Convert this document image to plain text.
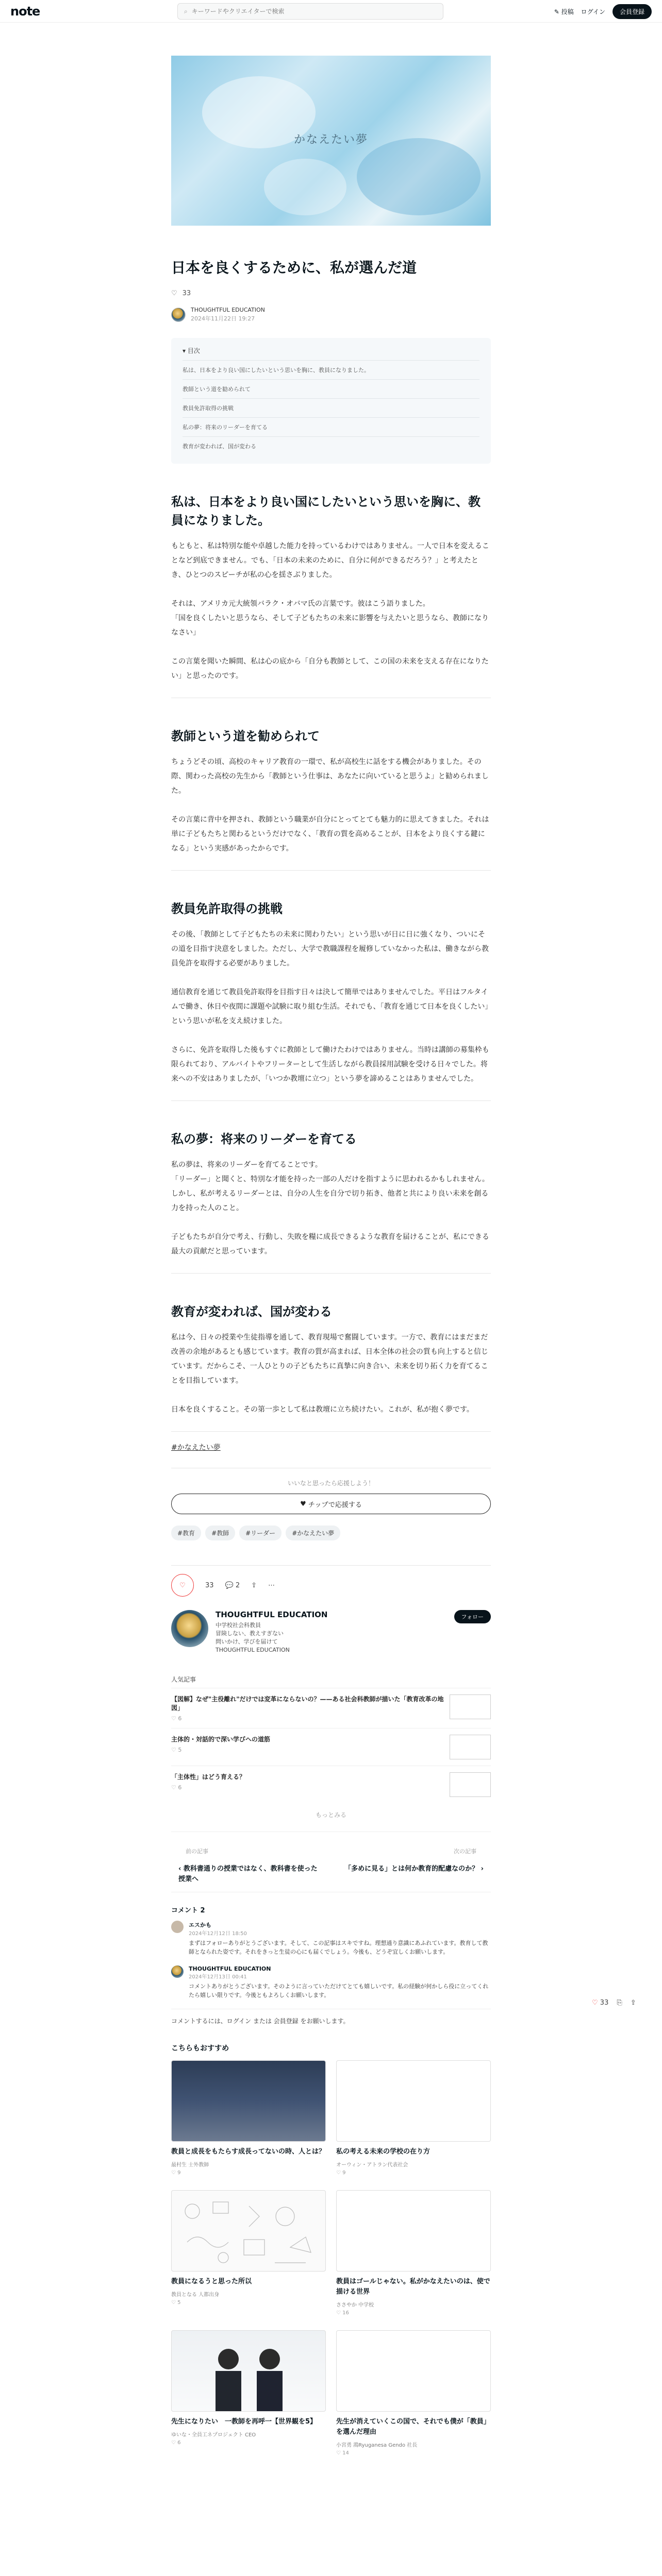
note	⌕
キーワードやクリエイターで検索	✎ 投稿 ログイン	会員登録
かなえたい夢
日本を良くするために、私が選んだ道
♡ 33
THOUGHTFUL EDUCATION
2024年11月22日 19:27
▾ 目次
私は、日本をより良い国にしたいという思いを胸に、教員になりました。
教師という道を勧められて
教員免許取得の挑戦
私の夢：将来のリーダーを育てる
教育が変われば、国が変わる
私は、日本をより良い国にしたいという思いを胸に、教員になりました。

もともと、私は特別な能や卓越した能力を持っているわけではありません。一人で日本を変えることなど到底できません。でも、「日本の未来のために、自分に何ができるだろう？」と考えたとき、ひとつのスピーチが私の心を揺さぶりました。

それは、アメリカ元大統領バラク・オバマ氏の言葉です。彼はこう語りました。
「国を良くしたいと思うなら、そして子どもたちの未来に影響を与えたいと思うなら、教師になりなさい」

この言葉を聞いた瞬間、私は心の底から「自分も教師として、この国の未来を支える存在になりたい」と思ったのです。

教師という道を勧められて

ちょうどその頃、高校のキャリア教育の一環で、私が高校生に話をする機会がありました。その際、関わった高校の先生から「教師という仕事は、あなたに向いていると思うよ」と勧められました。

その言葉に背中を押され、教師という職業が自分にとってとても魅力的に思えてきました。それは単に子どもたちと関わるというだけでなく、「教育の質を高めることが、日本をより良くする鍵になる」という実感があったからです。

教員免許取得の挑戦

その後、「教師として子どもたちの未来に関わりたい」という思いが日に日に強くなり、ついにその道を目指す決意をしました。ただし、大学で教職課程を履修していなかった私は、働きながら教員免許を取得する必要がありました。

通信教育を通じて教員免許取得を目指す日々は決して簡単ではありませんでした。平日はフルタイムで働き、休日や夜間に課題や試験に取り組む生活。それでも、「教育を通じて日本を良くしたい」という思いが私を支え続けました。

さらに、免許を取得した後もすぐに教師として働けたわけではありません。当時は講師の募集枠も限られており、アルバイトやフリーターとして生活しながら教員採用試験を受ける日々でした。将来への不安はありましたが、「いつか教壇に立つ」という夢を諦めることはありませんでした。

私の夢：将来のリーダーを育てる

私の夢は、将来のリーダーを育てることです。
「リーダー」と聞くと、特別な才能を持った一部の人だけを指すように思われるかもしれません。しかし、私が考えるリーダーとは、自分の人生を自分で切り拓き、他者と共により良い未来を創る力を持った人のこと。

子どもたちが自分で考え、行動し、失敗を糧に成長できるような教育を届けることが、私にできる最大の貢献だと思っています。

教育が変われば、国が変わる

私は今、日々の授業や生徒指導を通して、教育現場で奮闘しています。一方で、教育にはまだまだ改善の余地があるとも感じています。教育の質が高まれば、日本全体の社会の質も向上すると信じています。だからこそ、一人ひとりの子どもたちに真摯に向き合い、未来を切り拓く力を育てることを目指しています。

日本を良くすること。その第一歩として私は教壇に立ち続けたい。これが、私が抱く夢です。

#かなえたい夢
いいなと思ったら応援しよう！
♥ チップで応援する
#教育	#教師	#リーダー	#かなえたい夢
♡	33 💬 2 ⇪ ⋯
THOUGHTFUL EDUCATION
中学校社会科教員
冒険しない、教えすぎない
問いかけ、学びを届けて
THOUGHTFUL EDUCATION
フォロー
人気記事
【図解】なぜ"主役離れ"だけでは変革にならないの？——ある社会科教師が描いた「教育改革の地図」
♡ 6
主体的・対話的で深い学びへの道筋
♡ 5
「主体性」はどう育える？
♡ 6
もっとみる
前の記事
‹ 教科書通りの授業ではなく、教科書を使った授業へ
次の記事
「多めに見る」とは何か教育的配慮なのか？ ›
コメント 2
エスかも
2024年12月12日 18:50
まずはフォローありがとうございます。そして、この記事はスキですね。理想通り意識にあふれています。教育して教師となられた姿です。それをきっと生徒の心にも届くでしょう。今後も、どうぞ宜しくお願いします。
THOUGHTFUL EDUCATION
2024年12月13日 00:41
コメントありがとうございます。そのように言っていただけてとても嬉しいです。私の経験が何かしら役に立ってくれたら嬉しい限りです。今後ともよろしくお願いします。
コメントするには、ログイン または 会員登録 をお願いします。
こちらもおすすめ
教員と成長をもたらす成長ってないの時、人とは？
最村生 士外教師
♡ 9
私の考える未来の学校の在り方
オーウィン・アトラン代表社会
♡ 9
教員になるうと思った所以
教員となる 人都出身
♡ 5
教員はゴールじゃない。私がかなえたいのは、使で描ける世界
ささやか 中学校
♡ 16
先生になりたい　一教師を再呼一【世界観を5】
ゆいな・全員工ネプロジェクト CEO
♡ 6
先生が消えていくこの国で、それでも僕が「教員」を選んだ理由
小宮勇 鴻Ryuganesa Gendo 社長
♡ 14
♡ 33 ⎘ ⇪
